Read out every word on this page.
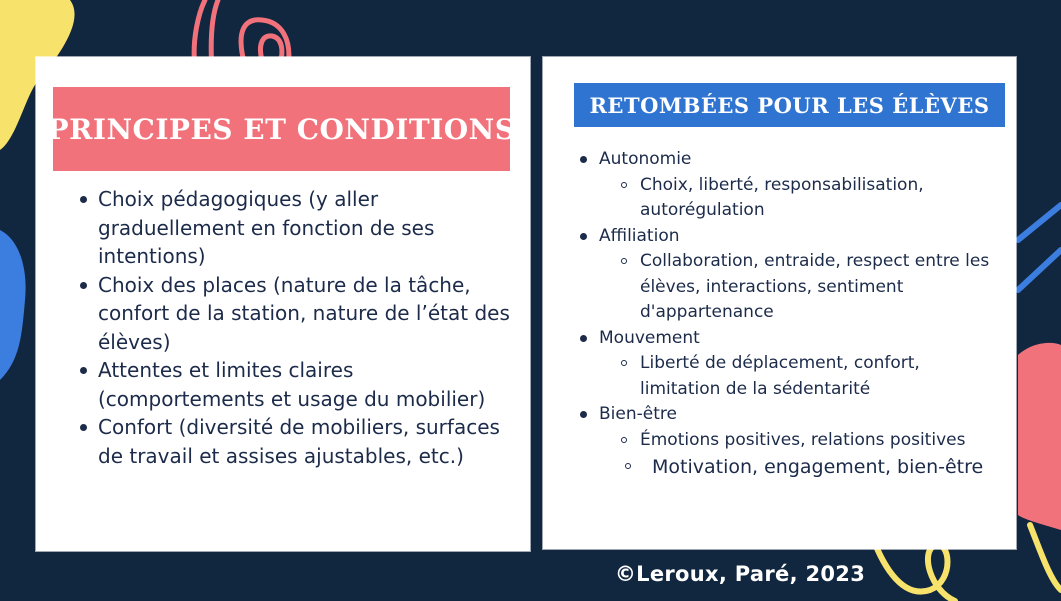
PRINCIPES ET CONDITIONS
Choix pédagogiques (y aller graduellement en fonction de ses intentions)
Choix des places (nature de la tâche, confort de la station, nature de l’état des élèves)
Attentes et limites claires (comportements et usage du mobilier)
Confort (diversité de mobiliers, surfaces de travail et assises ajustables, etc.)
RETOMBÉES POUR LES ÉLÈVES
Autonomie
Choix, liberté, responsabilisation, autorégulation
Affiliation
Collaboration, entraide, respect entre les élèves, interactions, sentiment d'appartenance
Mouvement
Liberté de déplacement, confort, limitation de la sédentarité
Bien-être
Émotions positives, relations positives
Motivation, engagement, bien-être
©Leroux, Paré, 2023
